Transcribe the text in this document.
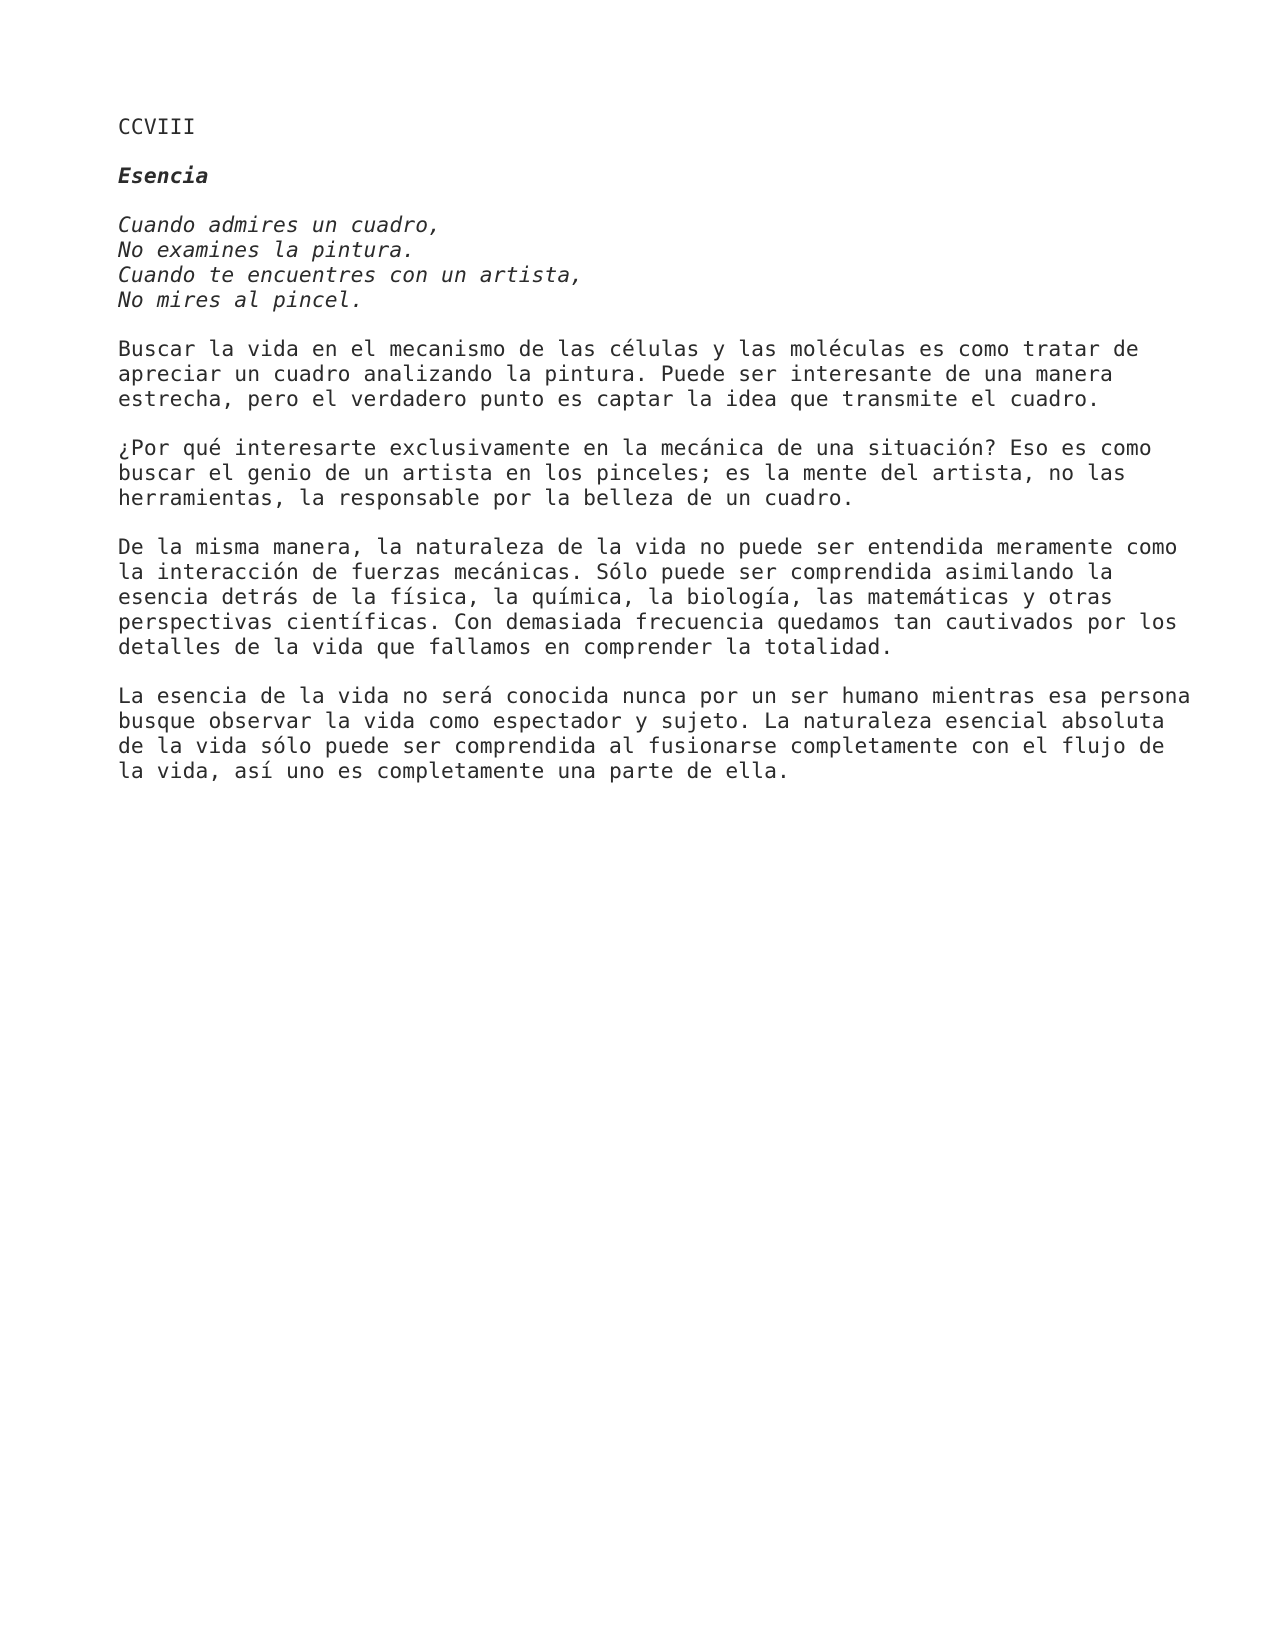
CCVIII
Esencia
Cuando admires un cuadro,
No examines la pintura.
Cuando te encuentres con un artista,
No mires al pincel.
Buscar la vida en el mecanismo de las células y las moléculas es como tratar de
apreciar un cuadro analizando la pintura. Puede ser interesante de una manera
estrecha, pero el verdadero punto es captar la idea que transmite el cuadro.
¿Por qué interesarte exclusivamente en la mecánica de una situación? Eso es como
buscar el genio de un artista en los pinceles; es la mente del artista, no las
herramientas, la responsable por la belleza de un cuadro.
De la misma manera, la naturaleza de la vida no puede ser entendida meramente como
la interacción de fuerzas mecánicas. Sólo puede ser comprendida asimilando la
esencia detrás de la física, la química, la biología, las matemáticas y otras
perspectivas científicas. Con demasiada frecuencia quedamos tan cautivados por los
detalles de la vida que fallamos en comprender la totalidad.
La esencia de la vida no será conocida nunca por un ser humano mientras esa persona
busque observar la vida como espectador y sujeto. La naturaleza esencial absoluta
de la vida sólo puede ser comprendida al fusionarse completamente con el flujo de
la vida, así uno es completamente una parte de ella.
